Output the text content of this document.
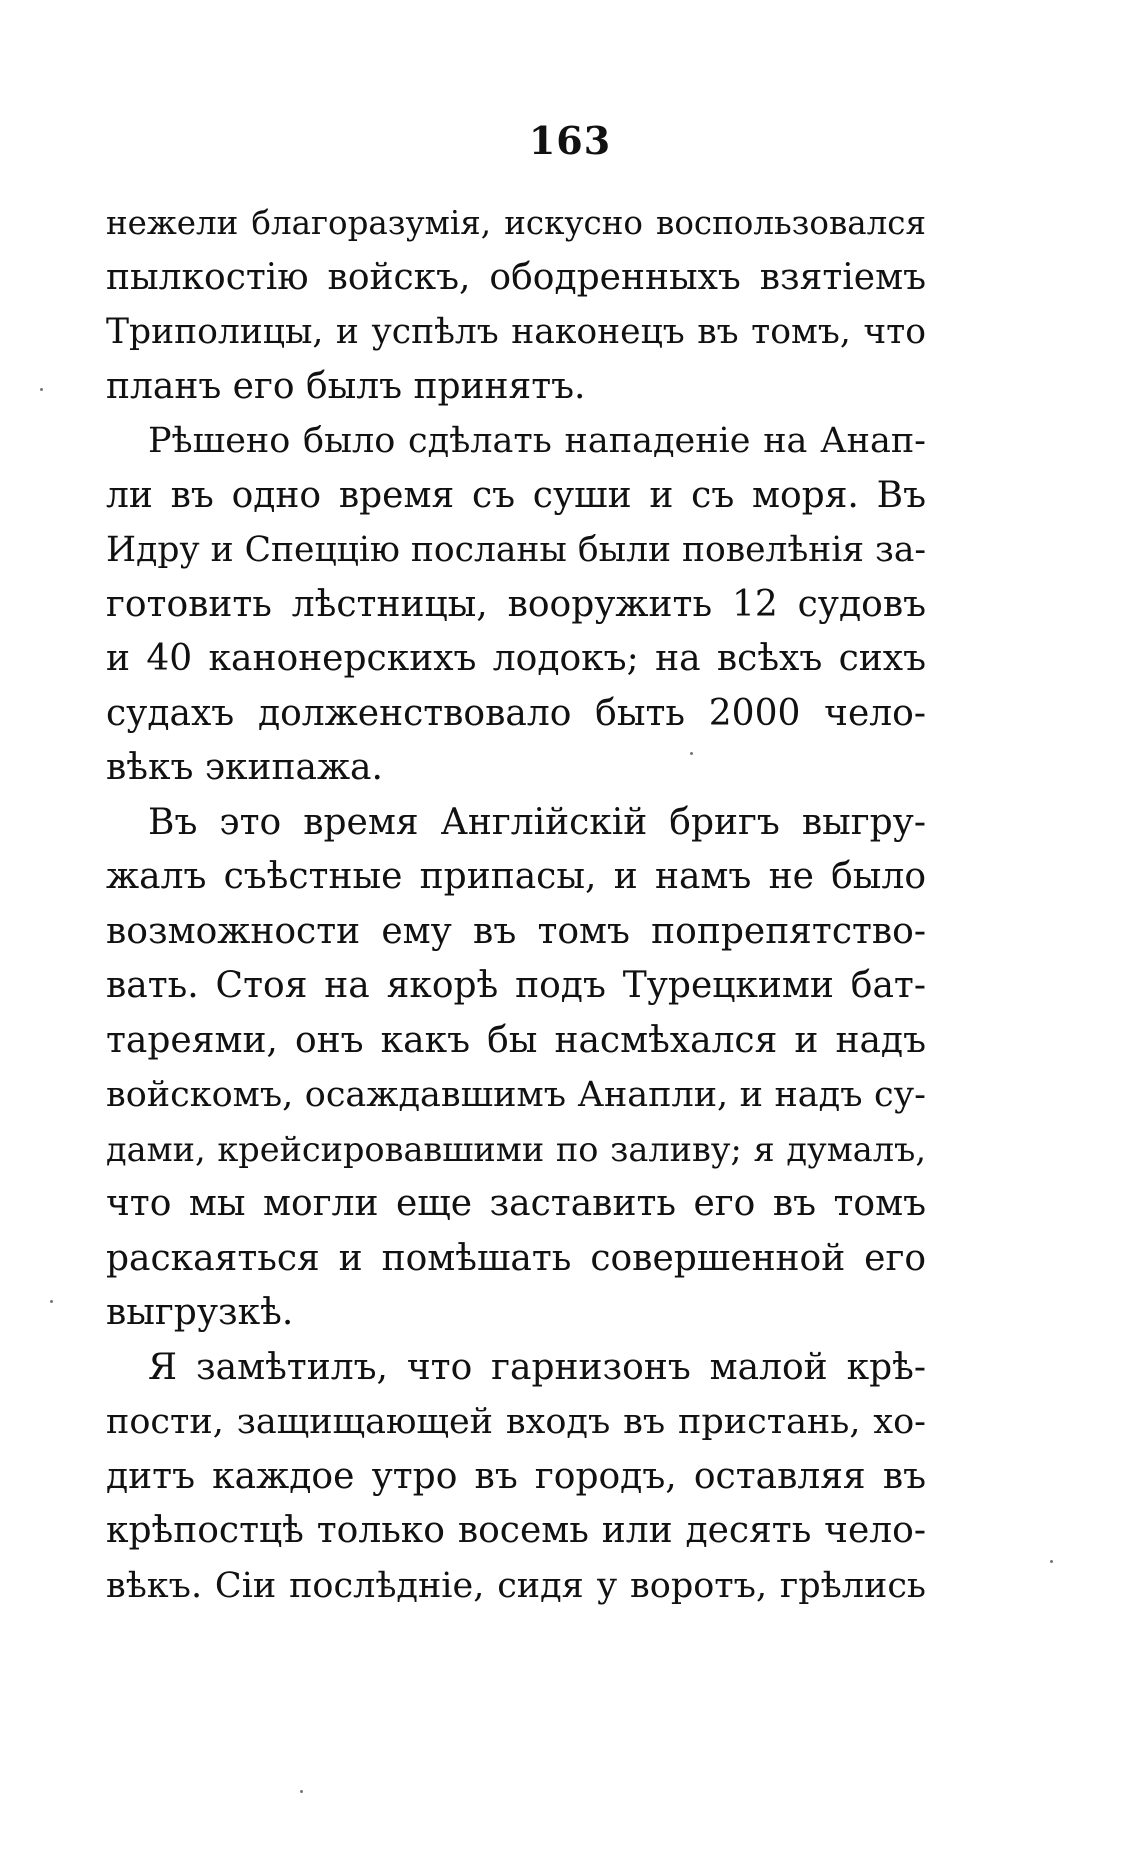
163
нежели благоразумія, искусно воспользовался
пылкостію войскъ, ободренныхъ взятіемъ
Триполицы, и успѣлъ наконецъ въ томъ, что
планъ его былъ принятъ.
Рѣшено было сдѣлать нападеніе на Анап-
ли въ одно время съ суши и съ моря. Въ
Идру и Спеццію посланы были повелѣнія за-
готовить лѣстницы, вооружить 12 судовъ
и 40 канонерскихъ лодокъ; на всѣхъ сихъ
судахъ долженствовало быть 2000 чело-
вѣкъ экипажа.
Въ это время Англійскій бригъ выгру-
жалъ съѣстные припасы, и намъ не было
возможности ему въ томъ попрепятство-
вать. Стоя на якорѣ подъ Турецкими бат-
тареями, онъ какъ бы насмѣхался и надъ
войскомъ, осаждавшимъ Анапли, и надъ су-
дами, крейсировавшими по заливу; я думалъ,
что мы могли еще заставить его въ томъ
раскаяться и помѣшать совершенной его
выгрузкѣ.
Я замѣтилъ, что гарнизонъ малой крѣ-
пости, защищающей входъ въ пристань, хо-
дитъ каждое утро въ городъ, оставляя въ
крѣпостцѣ только восемь или десять чело-
вѣкъ. Сіи послѣдніе, сидя у воротъ, грѣлись
